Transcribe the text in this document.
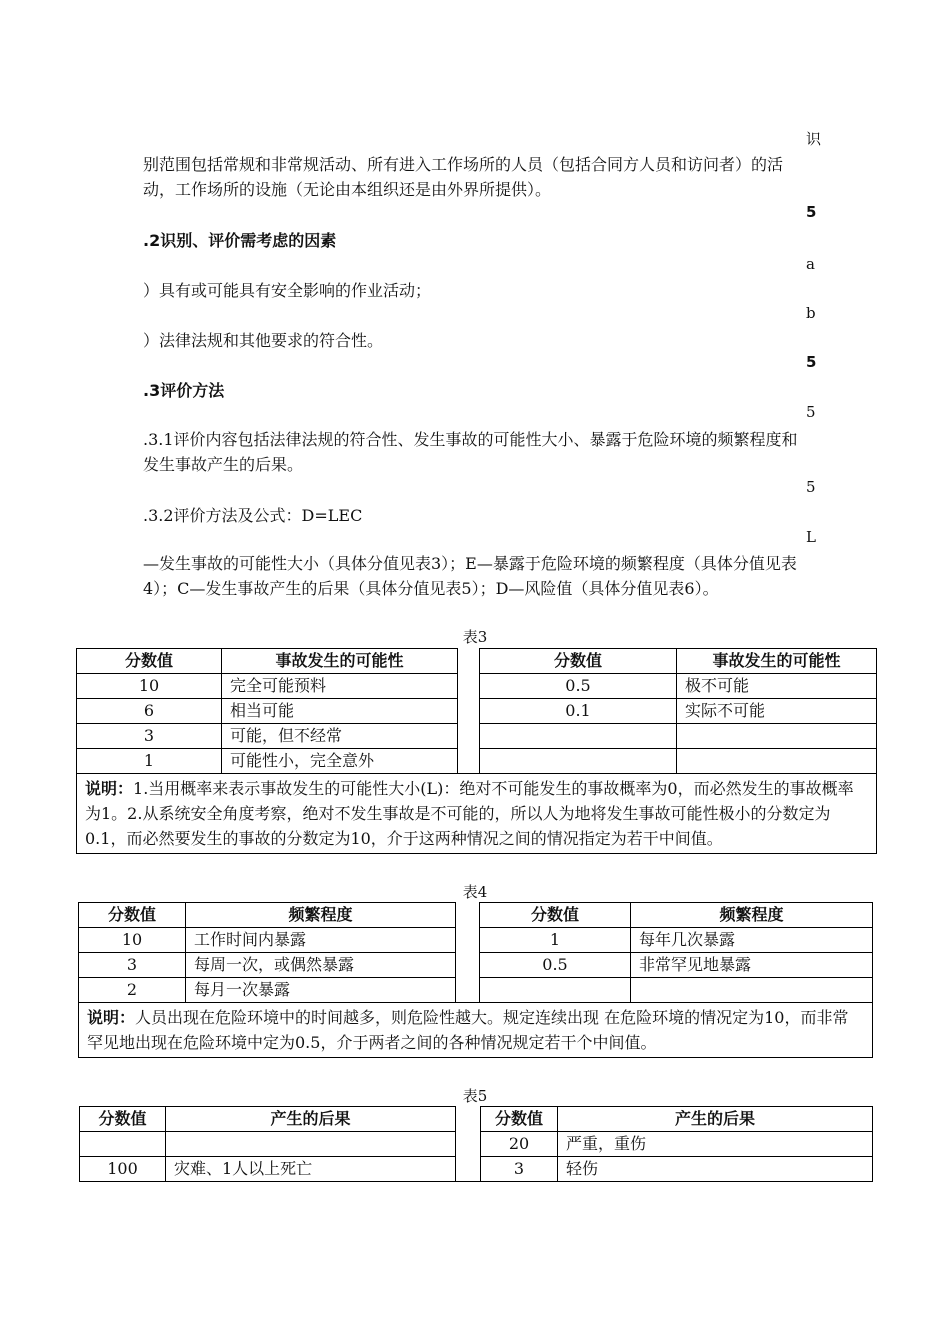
识
5
a
b
5
5
5
L
别范围包括常规和非常规活动、所有进入工作场所的人员（包括合同方人员和访问者）的活动，工作场所的设施（无论由本组织还是由外界所提供）。
.2识别、评价需考虑的因素
）具有或可能具有安全影响的作业活动；
）法律法规和其他要求的符合性。
.3评价方法
.3.1评价内容包括法律法规的符合性、发生事故的可能性大小、暴露于危险环境的频繁程度和发生事故产生的后果。
.3.2评价方法及公式：D=LEC
—发生事故的可能性大小（具体分值见表3）；E—暴露于危险环境的频繁程度（具体分值见表4）；C—发生事故产生的后果（具体分值见表5）；D—风险值（具体分值见表6）。
表3
分数值	事故发生的可能性		分数值	事故发生的可能性
10	完全可能预料		0.5	极不可能
6	相当可能		0.1	实际不可能
3	可能，但不经常			
1	可能性小，完全意外			
说明：1.当用概率来表示事故发生的可能性大小(L)：绝对不可能发生的事故概率为0，而必然发生的事故概率为1。2.从系统安全角度考察，绝对不发生事故是不可能的，所以人为地将发生事故可能性极小的分数定为0.1，而必然要发生的事故的分数定为10，介于这两种情况之间的情况指定为若干中间值。				
表4
分数值	频繁程度		分数值	频繁程度
10	工作时间内暴露		1	每年几次暴露
3	每周一次，或偶然暴露		0.5	非常罕见地暴露
2	每月一次暴露			
说明：人员出现在危险环境中的时间越多，则危险性越大。规定连续出现 在危险环境的情况定为10，而非常罕见地出现在危险环境中定为0.5，介于两者之间的各种情况规定若干个中间值。				
表5
分数值	产生的后果		分数值	产生的后果
			20	严重，重伤
100	灾难、1人以上死亡		3	轻伤
